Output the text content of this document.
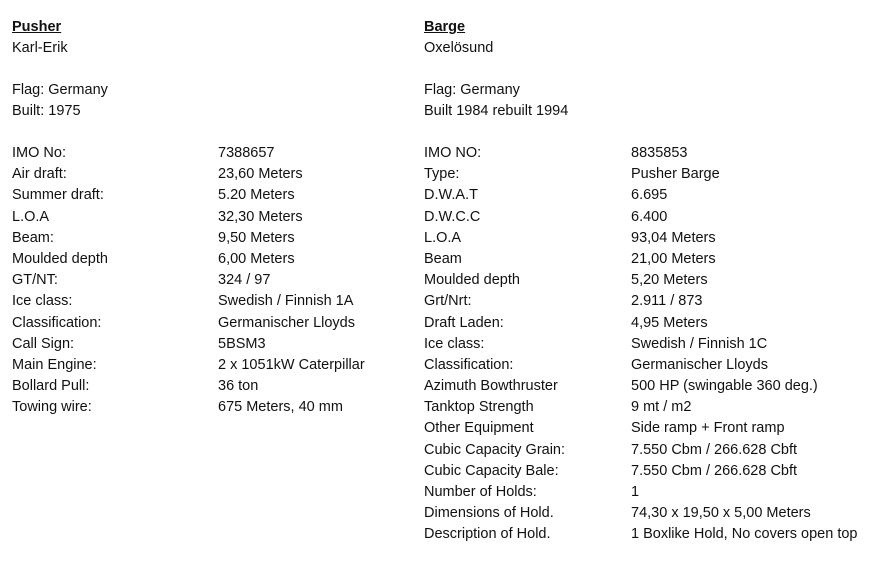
Pusher
Karl-Erik
Flag: Germany
Built: 1975
IMO No:	7388657
Air draft:	23,60 Meters
Summer draft:	5.20 Meters
L.O.A	32,30 Meters
Beam:	9,50 Meters
Moulded depth	6,00 Meters
GT/NT:	324 / 97
Ice class:	Swedish / Finnish 1A
Classification:	Germanischer Lloyds
Call Sign:	5BSM3
Main Engine:	2 x 1051kW Caterpillar
Bollard Pull:	36 ton
Towing wire:	675 Meters, 40 mm
Barge
Oxelösund
Flag: Germany
Built 1984 rebuilt 1994
IMO NO:	8835853
Type:	Pusher Barge
D.W.A.T	6.695
D.W.C.C	6.400
L.O.A	93,04 Meters
Beam	21,00 Meters
Moulded depth	5,20 Meters
Grt/Nrt:	2.911 / 873
Draft Laden:	4,95 Meters
Ice class:	Swedish / Finnish 1C
Classification:	Germanischer Lloyds
Azimuth Bowthruster	500 HP (swingable 360 deg.)
Tanktop Strength	9 mt / m2
Other Equipment	Side ramp + Front ramp
Cubic Capacity Grain:	7.550 Cbm / 266.628 Cbft
Cubic Capacity Bale:	7.550 Cbm / 266.628 Cbft
Number of Holds:	1
Dimensions of Hold.	74,30 x 19,50 x 5,00 Meters
Description of Hold.	1 Boxlike Hold, No covers open top
